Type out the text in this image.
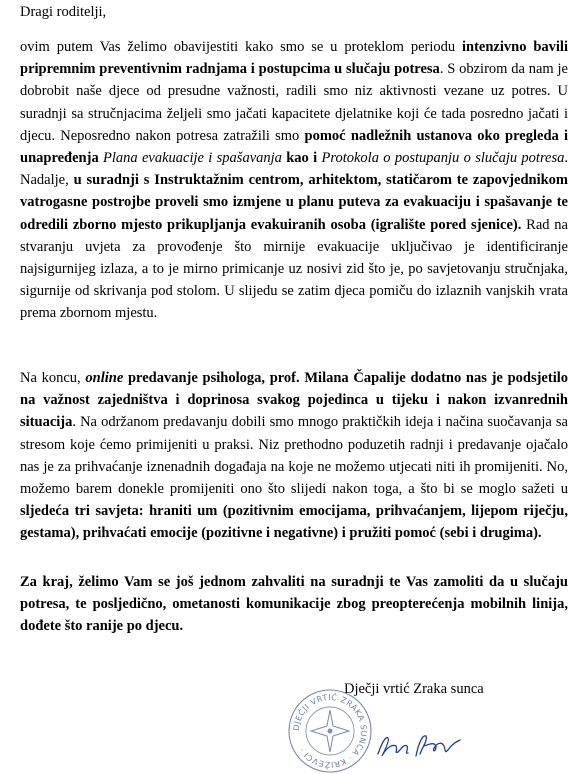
Dragi roditelji,

ovim putem Vas želimo obavijestiti kako smo se u proteklom periodu intenzivno bavili pripremnim preventivnim radnjama i postupcima u slučaju potresa. S obzirom da nam je dobrobit naše djece od presudne važnosti, radili smo niz aktivnosti vezane uz potres. U suradnji sa stručnjacima željeli smo jačati kapacitete djelatnike koji će tada posredno jačati i djecu. Neposredno nakon potresa zatražili smo pomoć nadležnih ustanova oko pregleda i unapređenja Plana evakuacije i spašavanja kao i Protokola o postupanju o slučaju potresa. Nadalje, u suradnji s Instruktažnim centrom, arhitektom, statičarom te zapovjednikom vatrogasne postrojbe proveli smo izmjene u planu puteva za evakuaciju i spašavanje te odredili zborno mjesto prikupljanja evakuiranih osoba (igralište pored sjenice). Rad na stvaranju uvjeta za provođenje što mirnije evakuacije uključivao je identificiranje najsigurnijeg izlaza, a to je mirno primicanje uz nosivi zid što je, po savjetovanju stručnjaka, sigurnije od skrivanja pod stolom. U slijedu se zatim djeca pomiču do izlaznih vanjskih vrata prema zbornom mjestu.

Na koncu, online predavanje psihologa, prof. Milana Čapalije dodatno nas je podsjetilo na važnost zajedništva i doprinosa svakog pojedinca u tijeku i nakon izvanrednih situacija. Na održanom predavanju dobili smo mnogo praktičkih ideja i načina suočavanja sa stresom koje ćemo primijeniti u praksi. Niz prethodno poduzetih radnji i predavanje ojačalo nas je za prihvaćanje iznenadnih događaja na koje ne možemo utjecati niti ih promijeniti. No, možemo barem donekle promijeniti ono što slijedi nakon toga, a što bi se moglo sažeti u sljedeća tri savjeta: hraniti um (pozitivnim emocijama, prihvaćanjem, lijepom riječju, gestama), prihvaćati emocije (pozitivne i negativne) i pružiti pomoć (sebi i drugima).

Za kraj, želimo Vam se još jednom zahvaliti na suradnji te Vas zamoliti da u slučaju potresa, te posljedično, ometanosti komunikacije zbog preopterećenja mobilnih linija, dođete što ranije po djecu.

Dječji vrtić Zraka sunca

DJEČJI VRTIĆ ZRAKA SUNCA · KRIŽEVCI ·
